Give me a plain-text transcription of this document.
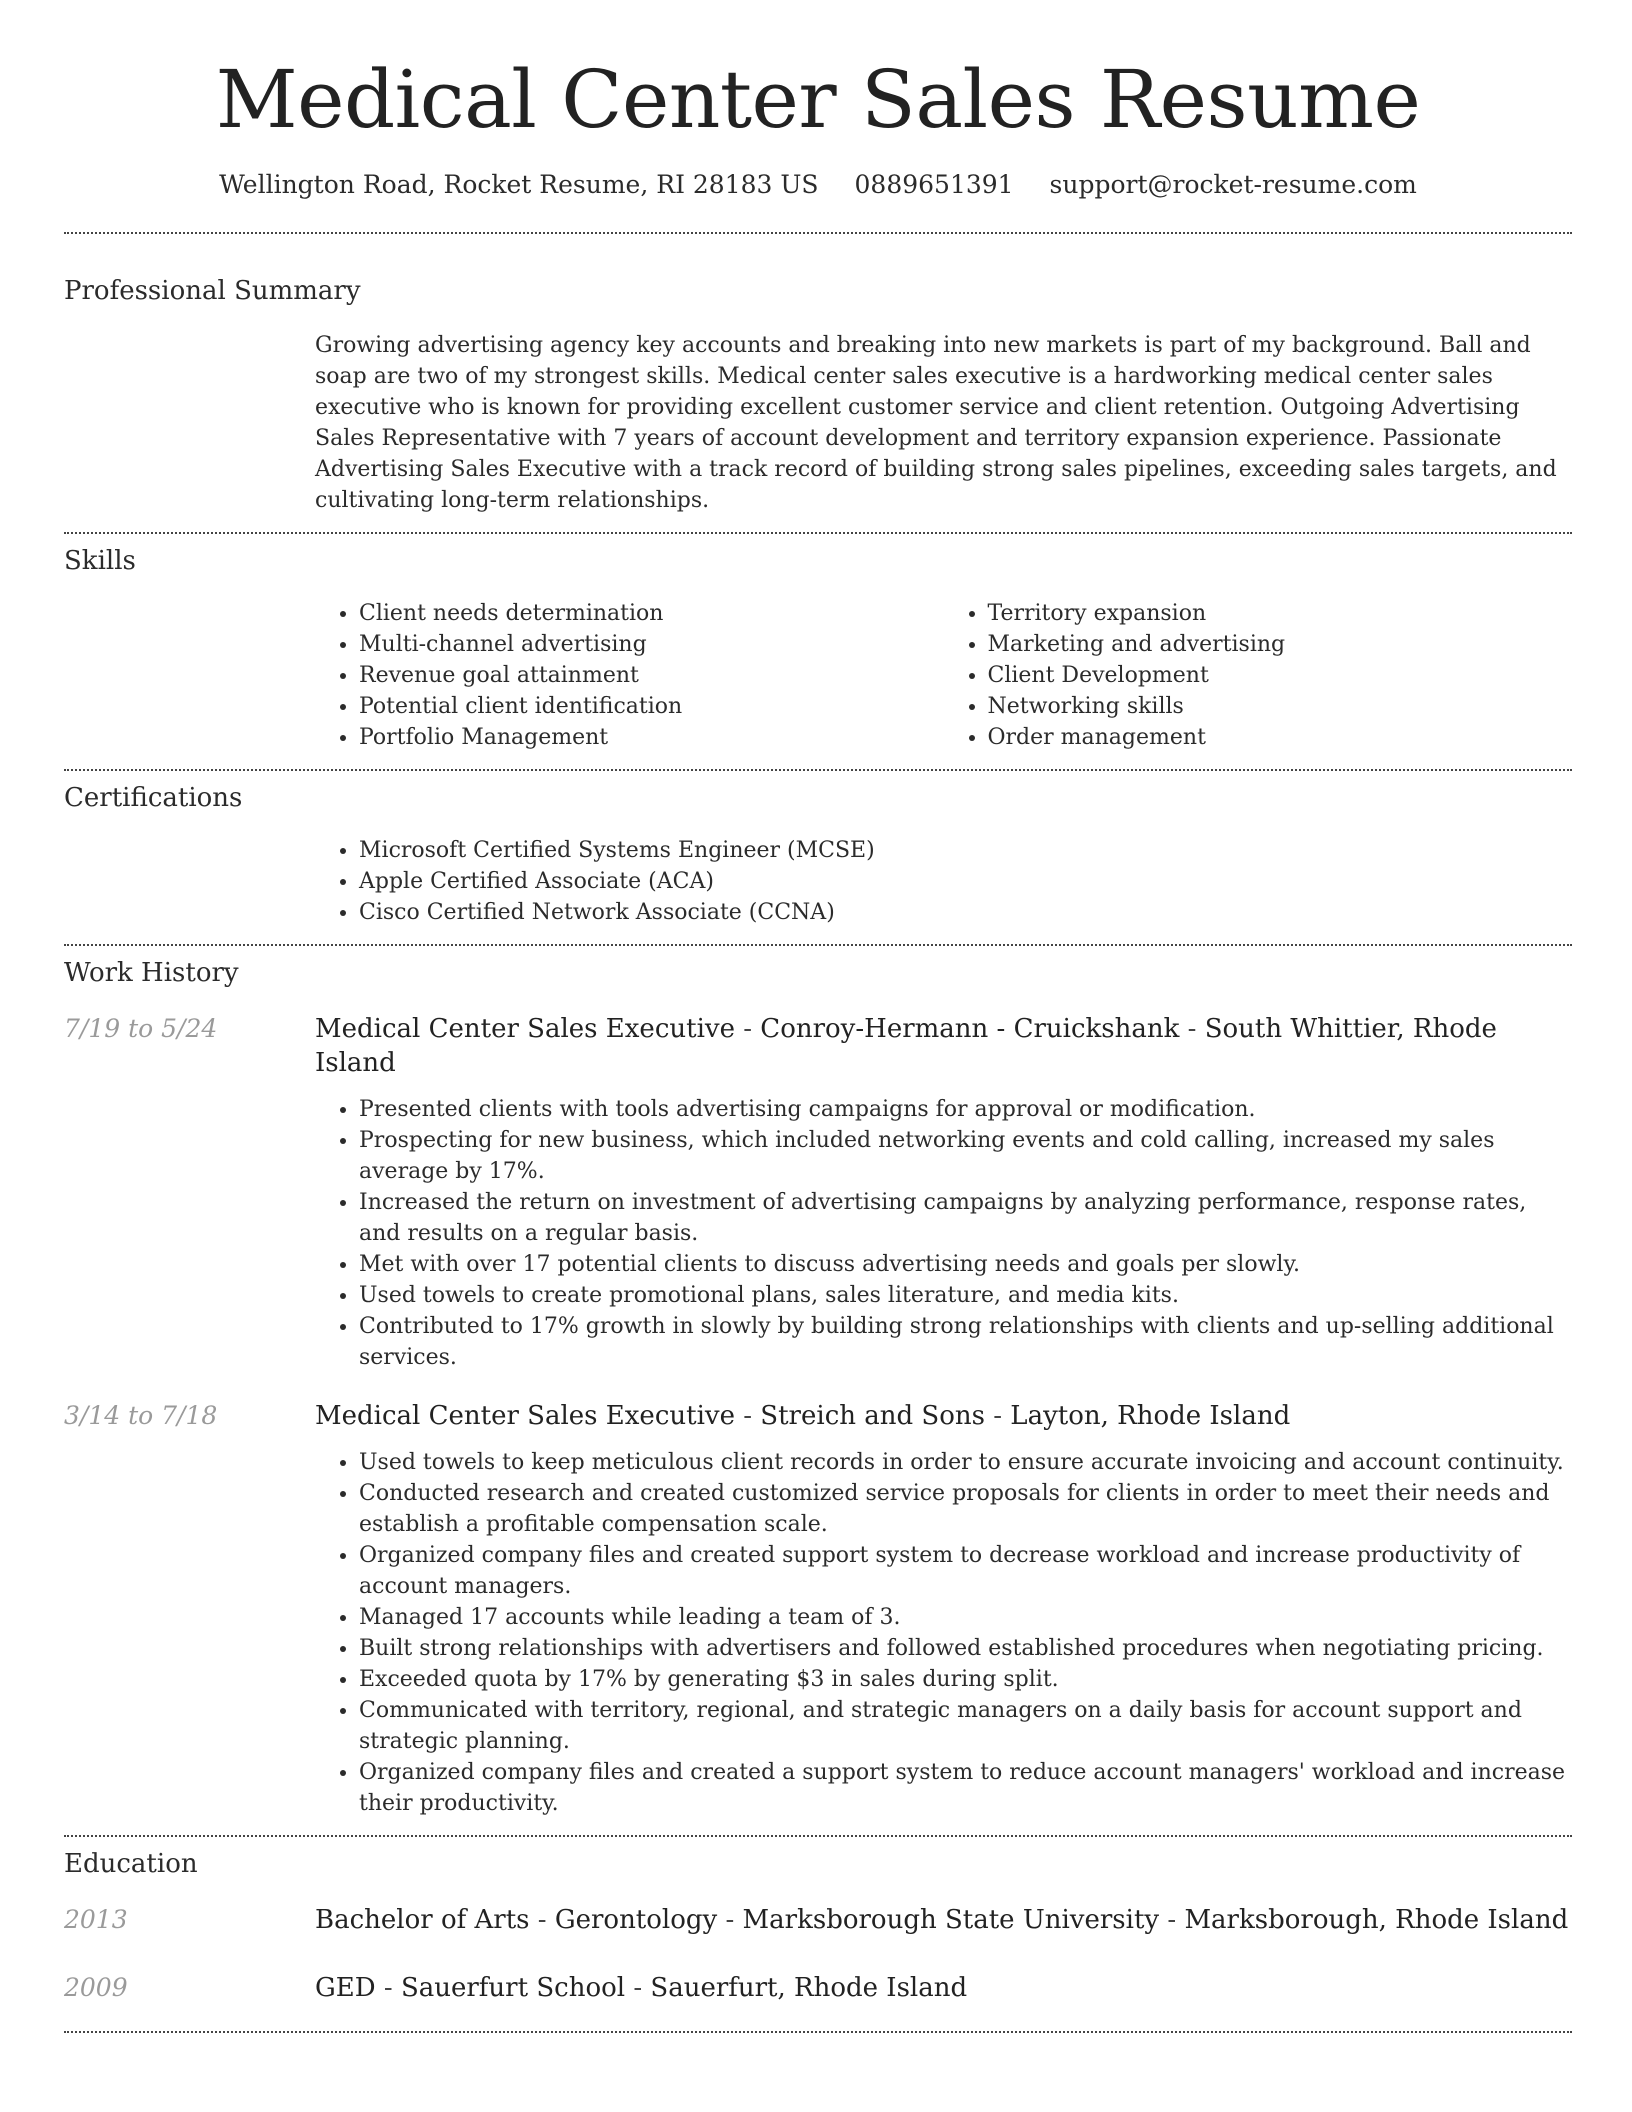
Medical Center Sales Resume
Wellington Road, Rocket Resume, RI 28183 US 0889651391 support@rocket-resume.com
Professional Summary

Growing advertising agency key accounts and breaking into new markets is part of my background. Ball and soap are two of my strongest skills. Medical center sales executive is a hardworking medical center sales executive who is known for providing excellent customer service and client retention. Outgoing Advertising Sales Representative with 7 years of account development and territory expansion experience. Passionate Advertising Sales Executive with a track record of building strong sales pipelines, exceeding sales targets, and cultivating long-term relationships.

Skills
• Client needs determination
• Multi-channel advertising
• Revenue goal attainment
• Potential client identification
• Portfolio Management
• Territory expansion
• Marketing and advertising
• Client Development
• Networking skills
• Order management
Certifications
• Microsoft Certified Systems Engineer (MCSE)
• Apple Certified Associate (ACA)
• Cisco Certified Network Associate (CCNA)
Work History
7/19 to 5/24	Medical Center Sales Executive - Conroy-Hermann - Cruickshank - South Whittier, Rhode Island
• Presented clients with tools advertising campaigns for approval or modification.
• Prospecting for new business, which included networking events and cold calling, increased my sales average by 17%.
• Increased the return on investment of advertising campaigns by analyzing performance, response rates, and results on a regular basis.
• Met with over 17 potential clients to discuss advertising needs and goals per slowly.
• Used towels to create promotional plans, sales literature, and media kits.
• Contributed to 17% growth in slowly by building strong relationships with clients and up-selling additional services.
3/14 to 7/18	Medical Center Sales Executive - Streich and Sons - Layton, Rhode Island
• Used towels to keep meticulous client records in order to ensure accurate invoicing and account continuity.
• Conducted research and created customized service proposals for clients in order to meet their needs and establish a profitable compensation scale.
• Organized company files and created support system to decrease workload and increase productivity of account managers.
• Managed 17 accounts while leading a team of 3.
• Built strong relationships with advertisers and followed established procedures when negotiating pricing.
• Exceeded quota by 17% by generating $3 in sales during split.
• Communicated with territory, regional, and strategic managers on a daily basis for account support and strategic planning.
• Organized company files and created a support system to reduce account managers' workload and increase their productivity.
Education
2013	Bachelor of Arts - Gerontology - Marksborough State University - Marksborough, Rhode Island
2009	GED - Sauerfurt School - Sauerfurt, Rhode Island
